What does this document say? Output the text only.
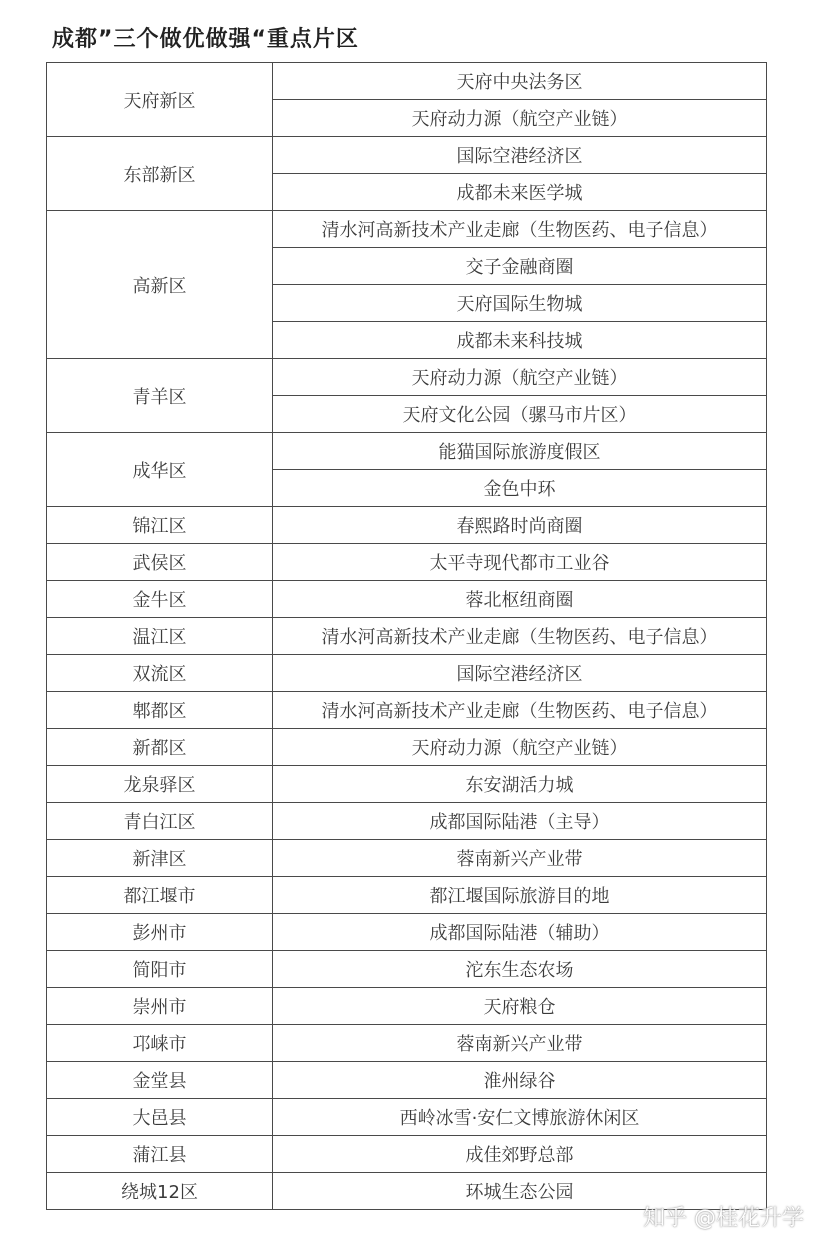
成都”三个做优做强“重点片区
天府新区	天府中央法务区
	天府动力源（航空产业链）
东部新区	国际空港经济区
	成都未来医学城
高新区	清水河高新技术产业走廊（生物医药、电子信息）
	交子金融商圈
	天府国际生物城
	成都未来科技城
青羊区	天府动力源（航空产业链）
	天府文化公园（骡马市片区）
成华区	能猫国际旅游度假区
	金色中环
锦江区	春熙路时尚商圈
武侯区	太平寺现代都市工业谷
金牛区	蓉北枢纽商圈
温江区	清水河高新技术产业走廊（生物医药、电子信息）
双流区	国际空港经济区
郫都区	清水河高新技术产业走廊（生物医药、电子信息）
新都区	天府动力源（航空产业链）
龙泉驿区	东安湖活力城
青白江区	成都国际陆港（主导）
新津区	蓉南新兴产业带
都江堰市	都江堰国际旅游目的地
彭州市	成都国际陆港（辅助）
简阳市	沱东生态农场
崇州市	天府粮仓
邛崃市	蓉南新兴产业带
金堂县	淮州绿谷
大邑县	西岭冰雪·安仁文博旅游休闲区
蒲江县	成佳郊野总部
绕城12区	环城生态公园
知乎 @桂花升学
